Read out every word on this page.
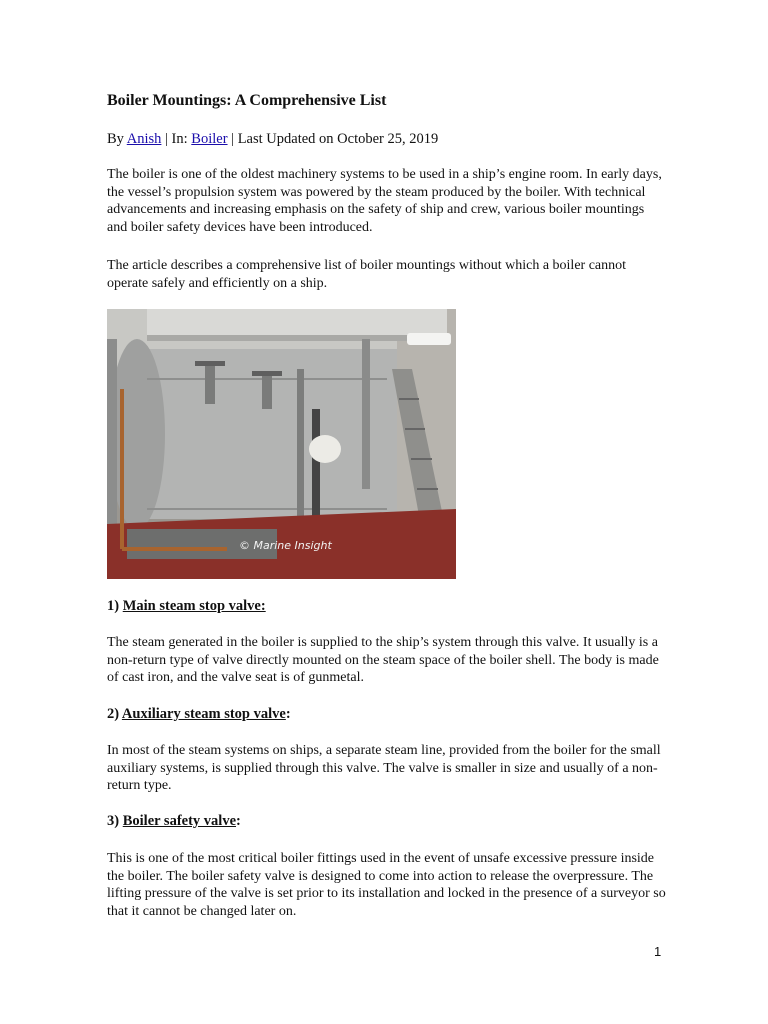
Boiler Mountings: A Comprehensive List
By Anish | In: Boiler | Last Updated on October 25, 2019

The boiler is one of the oldest machinery systems to be used in a ship’s engine room. In early days, the vessel’s propulsion system was powered by the steam produced by the boiler. With technical advancements and increasing emphasis on the safety of ship and crew, various boiler mountings and boiler safety devices have been introduced.

The article describes a comprehensive list of boiler mountings without which a boiler cannot operate safely and efficiently on a ship.

© Marine Insight
1) Main steam stop valve:

The steam generated in the boiler is supplied to the ship’s system through this valve. It usually is a non-return type of valve directly mounted on the steam space of the boiler shell. The body is made of cast iron, and the valve seat is of gunmetal.

2) Auxiliary steam stop valve:

In most of the steam systems on ships, a separate steam line, provided from the boiler for the small auxiliary systems, is supplied through this valve. The valve is smaller in size and usually of a non-return type.

3) Boiler safety valve:

This is one of the most critical boiler fittings used in the event of unsafe excessive pressure inside the boiler. The boiler safety valve is designed to come into action to release the overpressure. The lifting pressure of the valve is set prior to its installation and locked in the presence of a surveyor so that it cannot be changed later on.

1
